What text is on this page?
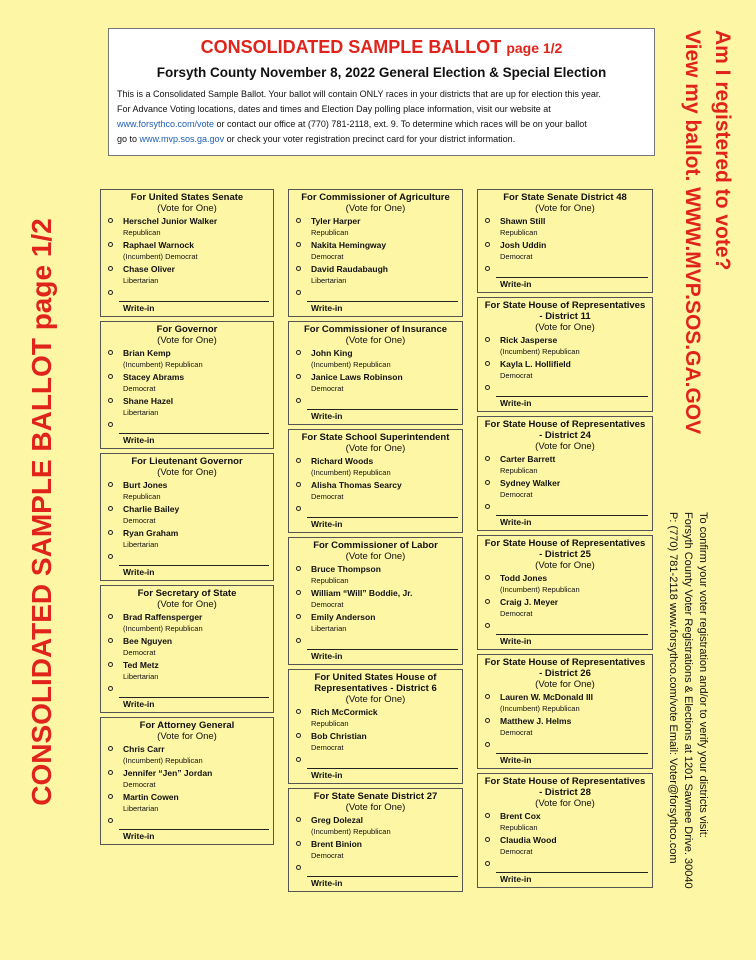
CONSOLIDATED SAMPLE BALLOT page 1/2
Forsyth County November 8, 2022 General Election & Special Election
This is a Consolidated Sample Ballot. Your ballot will contain ONLY races in your districts that are up for election this year.
For Advance Voting locations, dates and times and Election Day polling place information, visit our website at
www.forsythco.com/vote or contact our office at (770) 781-2118, ext. 9. To determine which races will be on your ballot
go to www.mvp.sos.ga.gov or check your voter registration precinct card for your district information.
CONSOLIDATED SAMPLE BALLOT page 1/2
Am I registered to vote?
View my ballot. WWW.MVP.SOS.GA.GOV
To confirm your voter registration and/or to verify your districts visit:
Forsyth County Voter Registrations & Elections at 1201 Sawnee Drive. 30040
P: (770) 781-2118 www.forsythco.com/vote Email: Voter@forsythco.com
For United States Senate
(Vote for One)
Herschel Junior Walker
Republican
Raphael Warnock
(Incumbent) Democrat
Chase Oliver
Libertarian
Write-in
For Governor
(Vote for One)
Brian Kemp
(Incumbent) Republican
Stacey Abrams
Democrat
Shane Hazel
Libertarian
Write-in
For Lieutenant Governor
(Vote for One)
Burt Jones
Republican
Charlie Bailey
Democrat
Ryan Graham
Libertarian
Write-in
For Secretary of State
(Vote for One)
Brad Raffensperger
(Incumbent) Republican
Bee Nguyen
Democrat
Ted Metz
Libertarian
Write-in
For Attorney General
(Vote for One)
Chris Carr
(Incumbent) Republican
Jennifer “Jen” Jordan
Democrat
Martin Cowen
Libertarian
Write-in
For Commissioner of Agriculture
(Vote for One)
Tyler Harper
Republican
Nakita Hemingway
Democrat
David Raudabaugh
Libertarian
Write-in
For Commissioner of Insurance
(Vote for One)
John King
(Incumbent) Republican
Janice Laws Robinson
Democrat
Write-in
For State School Superintendent
(Vote for One)
Richard Woods
(Incumbent) Republican
Alisha Thomas Searcy
Democrat
Write-in
For Commissioner of Labor
(Vote for One)
Bruce Thompson
Republican
William “Will” Boddie, Jr.
Democrat
Emily Anderson
Libertarian
Write-in
For United States House of Representatives - District 6
(Vote for One)
Rich McCormick
Republican
Bob Christian
Democrat
Write-in
For State Senate District 27
(Vote for One)
Greg Dolezal
(Incumbent) Republican
Brent Binion
Democrat
Write-in
For State Senate District 48
(Vote for One)
Shawn Still
Republican
Josh Uddin
Democrat
Write-in
For State House of Representatives - District 11
(Vote for One)
Rick Jasperse
(Incumbent) Republican
Kayla L. Hollifield
Democrat
Write-in
For State House of Representatives - District 24
(Vote for One)
Carter Barrett
Republican
Sydney Walker
Democrat
Write-in
For State House of Representatives - District 25
(Vote for One)
Todd Jones
(Incumbent) Republican
Craig J. Meyer
Democrat
Write-in
For State House of Representatives - District 26
(Vote for One)
Lauren W. McDonald III
(Incumbent) Republican
Matthew J. Helms
Democrat
Write-in
For State House of Representatives - District 28
(Vote for One)
Brent Cox
Republican
Claudia Wood
Democrat
Write-in
